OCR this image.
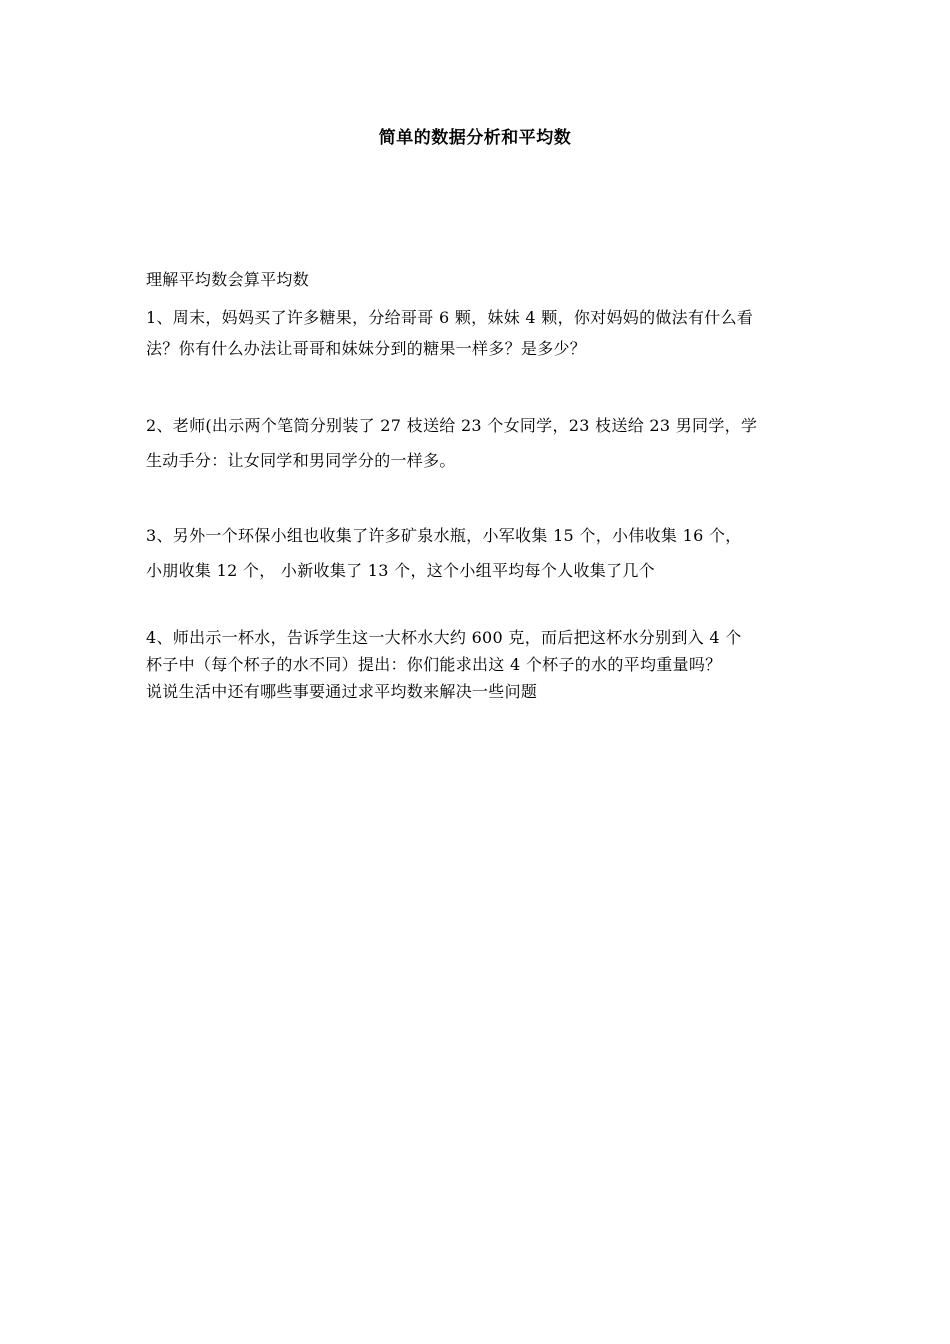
简单的数据分析和平均数
理解平均数会算平均数
1、周末，妈妈买了许多糖果，分给哥哥 6 颗，妹妹 4 颗，你对妈妈的做法有什么看
法？你有什么办法让哥哥和妹妹分到的糖果一样多？是多少？
2、老师(出示两个笔筒分别装了 27 枝送给 23 个女同学，23 枝送给 23 男同学，学
生动手分：让女同学和男同学分的一样多。
3、另外一个环保小组也收集了许多矿泉水瓶，小军收集 15 个，小伟收集 16 个，
小朋收集 12 个， 小新收集了 13 个，这个小组平均每个人收集了几个
4、师出示一杯水，告诉学生这一大杯水大约 600 克，而后把这杯水分别到入 4 个
杯子中（每个杯子的水不同）提出：你们能求出这 4 个杯子的水的平均重量吗？
说说生活中还有哪些事要通过求平均数来解决一些问题
